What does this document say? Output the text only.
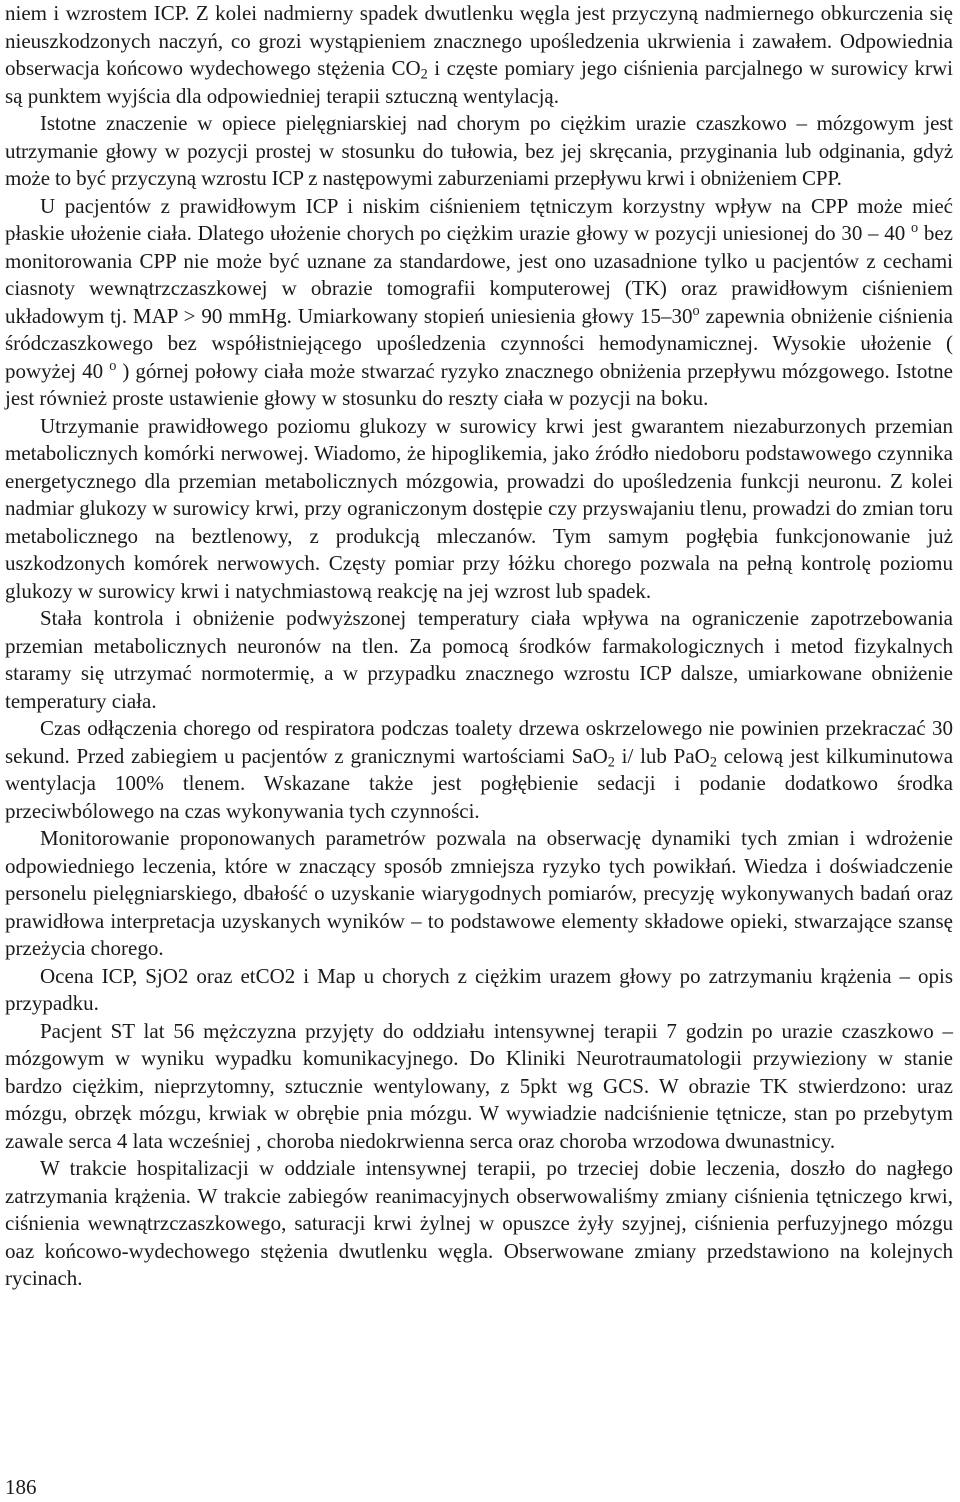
niem i wzrostem ICP. Z kolei nadmierny spadek dwutlenku węgla jest przyczyną nadmiernego obkurczenia się nieuszkodzonych naczyń, co grozi wystąpieniem znacznego upośledzenia ukrwienia i zawałem. Odpowiednia obserwacja końcowo wydechowego stężenia $CO_2$ i częste pomiary jego ciśnienia parcjalnego w surowicy krwi są punktem wyjścia dla odpowiedniej terapii sztuczną wentylacją.

Istotne znaczenie w opiece pielęgniarskiej nad chorym po ciężkim urazie czaszkowo – mózgowym jest utrzymanie głowy w pozycji prostej w stosunku do tułowia, bez jej skręcania, przyginania lub odginania, gdyż może to być przyczyną wzrostu ICP z następowymi zaburzeniami przepływu krwi i obniżeniem CPP.

U pacjentów z prawidłowym ICP i niskim ciśnieniem tętniczym korzystny wpływ na CPP może mieć płaskie ułożenie ciała. Dlatego ułożenie chorych po ciężkim urazie głowy w pozycji uniesionej do 30 – 40 $^o$ bez monitorowania CPP nie może być uznane za standardowe, jest ono uzasadnione tylko u pacjentów z cechami ciasnoty wewnątrzczaszkowej w obrazie tomografii komputerowej (TK) oraz prawidłowym ciśnieniem układowym tj. MAP > 90 mmHg. Umiarkowany stopień uniesienia głowy 15–30$^o$ zapewnia obniżenie ciśnienia śródczaszkowego bez współistniejącego upośledzenia czynności hemodynamicznej. Wysokie ułożenie ( powyżej 40 $^o$ ) górnej połowy ciała może stwarzać ryzyko znacznego obniżenia przepływu mózgowego. Istotne jest również proste ustawienie głowy w stosunku do reszty ciała w pozycji na boku.

Utrzymanie prawidłowego poziomu glukozy w surowicy krwi jest gwarantem niezaburzonych przemian metabolicznych komórki nerwowej. Wiadomo, że hipoglikemia, jako źródło niedoboru podstawowego czynnika energetycznego dla przemian metabolicznych mózgowia, prowadzi do upośledzenia funkcji neuronu. Z kolei nadmiar glukozy w surowicy krwi, przy ograniczonym dostępie czy przyswajaniu tlenu, prowadzi do zmian toru metabolicznego na beztlenowy, z produkcją mleczanów. Tym samym pogłębia funkcjonowanie już uszkodzonych komórek nerwowych. Częsty pomiar przy łóżku chorego pozwala na pełną kontrolę poziomu glukozy w surowicy krwi i natychmiastową reakcję na jej wzrost lub spadek.

Stała kontrola i obniżenie podwyższonej temperatury ciała wpływa na ograniczenie zapotrzebowania przemian metabolicznych neuronów na tlen. Za pomocą środków farmakologicznych i metod fizykalnych staramy się utrzymać normotermię, a w przypadku znacznego wzrostu ICP dalsze, umiarkowane obniżenie temperatury ciała.

Czas odłączenia chorego od respiratora podczas toalety drzewa oskrzelowego nie powinien przekraczać 30 sekund. Przed zabiegiem u pacjentów z granicznymi wartościami SaO$_2$ i/ lub PaO$_2$ celową jest kilkuminutowa wentylacja 100% tlenem. Wskazane także jest pogłębienie sedacji i podanie dodatkowo środka przeciwbólowego na czas wykonywania tych czynności.

Monitorowanie proponowanych parametrów pozwala na obserwację dynamiki tych zmian i wdrożenie odpowiedniego leczenia, które w znaczący sposób zmniejsza ryzyko tych powikłań. Wiedza i doświadczenie personelu pielęgniarskiego, dbałość o uzyskanie wiarygodnych pomiarów, precyzję wykonywanych badań oraz prawidłowa interpretacja uzyskanych wyników – to podstawowe elementy składowe opieki, stwarzające szansę przeżycia chorego.

Ocena ICP, SjO2 oraz etCO2 i Map u chorych z ciężkim urazem głowy po zatrzymaniu krążenia – opis przypadku.

Pacjent ST lat 56 mężczyzna przyjęty do oddziału intensywnej terapii 7 godzin po urazie czaszkowo – mózgowym w wyniku wypadku komunikacyjnego. Do Kliniki Neurotraumatologii przywieziony w stanie bardzo ciężkim, nieprzytomny, sztucznie wentylowany, z 5pkt wg GCS. W obrazie TK stwierdzono: uraz mózgu, obrzęk mózgu, krwiak w obrębie pnia mózgu. W wywiadzie nadciśnienie tętnicze, stan po przebytym zawale serca 4 lata wcześniej , choroba niedokrwienna serca oraz choroba wrzodowa dwunastnicy.

W trakcie hospitalizacji w oddziale intensywnej terapii, po trzeciej dobie leczenia, doszło do nagłego zatrzymania krążenia. W trakcie zabiegów reanimacyjnych obserwowaliśmy zmiany ciśnienia tętniczego krwi, ciśnienia wewnątrzczaszkowego, saturacji krwi żylnej w opuszce żyły szyjnej, ciśnienia perfuzyjnego mózgu oaz końcowo-wydechowego stężenia dwutlenku węgla. Obserwowane zmiany przedstawiono na kolejnych rycinach.

186
